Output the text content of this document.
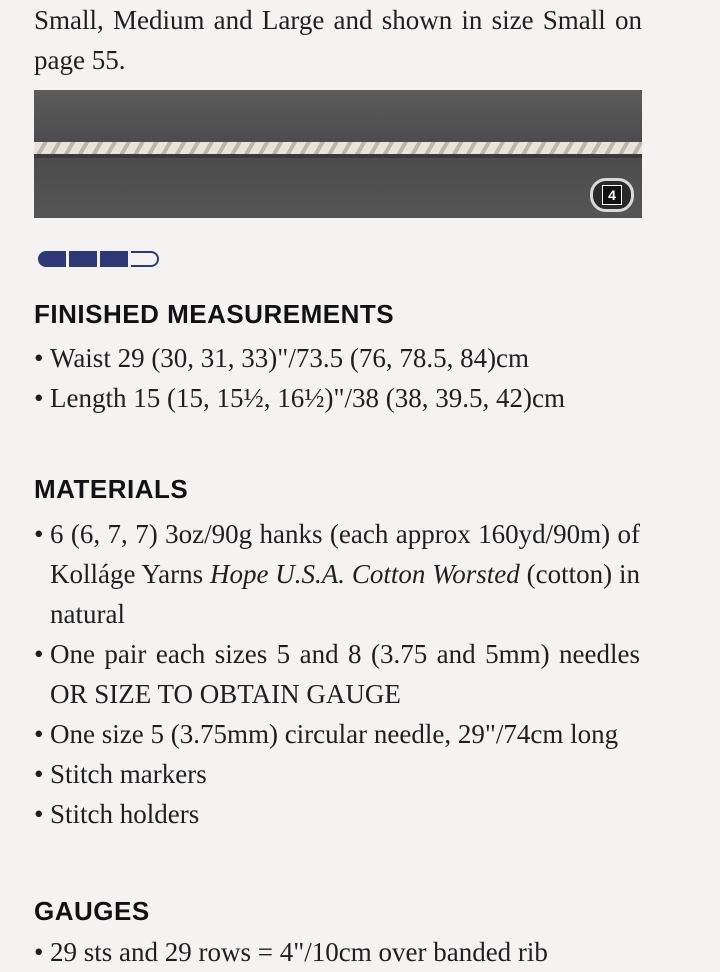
Small, Medium and Large and shown in size Small on page 55.
4
FINISHED MEASUREMENTS
• Waist 29 (30, 31, 33)"/73.5 (76, 78.5, 84)cm
• Length 15 (15, 15½, 16½)"/38 (38, 39.5, 42)cm
MATERIALS
• 6 (6, 7, 7) 3oz/90g hanks (each approx 160yd/90m) of Kolláge Yarns Hope U.S.A. Cotton Worsted (cotton) in natural
• One pair each sizes 5 and 8 (3.75 and 5mm) needles OR SIZE TO OBTAIN GAUGE
• One size 5 (3.75mm) circular needle, 29"/74cm long
• Stitch markers
• Stitch holders
GAUGES
• 29 sts and 29 rows = 4"/10cm over banded rib
